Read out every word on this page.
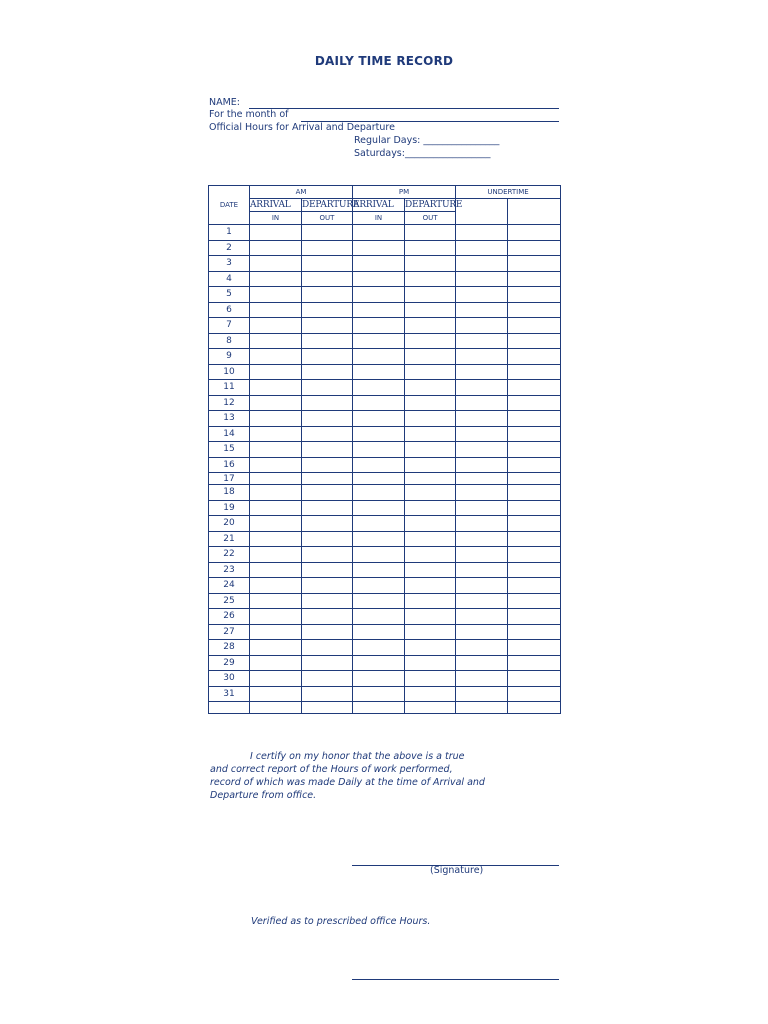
DAILY TIME RECORD
NAME:
For the month of
Official Hours for Arrival and Departure
Regular Days: ________________
Saturdays:__________________
DATE	AM		PM		UNDERTIME	
	ARRIVAL	DEPARTURE	ARRIVAL	DEPARTURE		
	IN	OUT	IN	OUT		
1						
2						
3						
4						
5						
6						
7						
8						
9						
10						
11						
12						
13						
14						
15						
16						
17						
18						
19						
20						
21						
22						
23						
24						
25						
26						
27						
28						
29						
30						
31						

I certify on my honor that the above is a true and correct report of the Hours of work performed, record of which was made Daily at the time of Arrival and Departure from office.
(Signature)
Verified as to prescribed office Hours.
